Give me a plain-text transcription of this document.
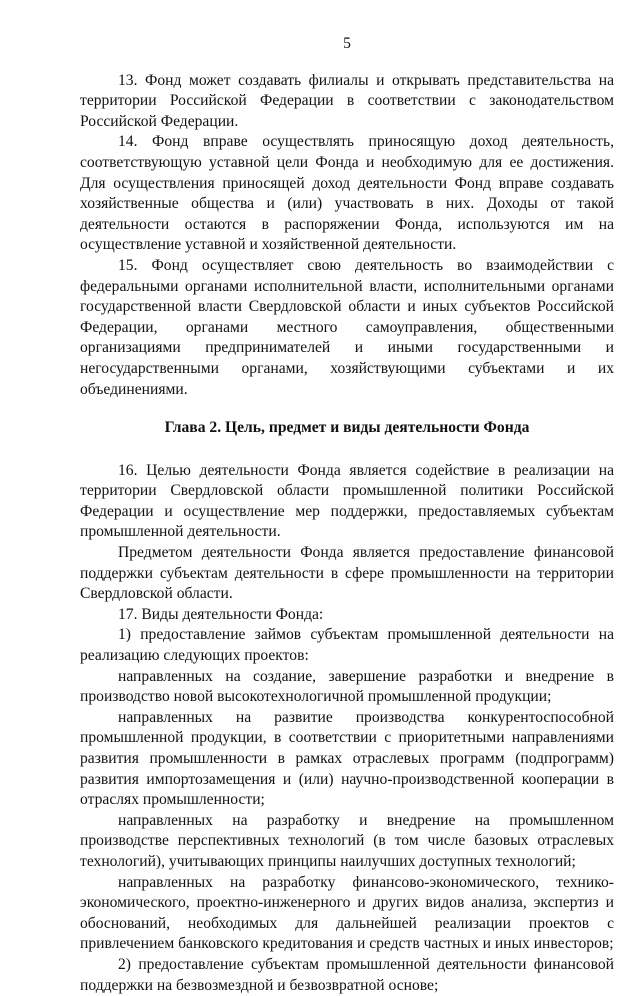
5

13. Фонд может создавать филиалы и открывать представительства на территории Российской Федерации в соответствии с законодательством Российской Федерации.

14. Фонд вправе осуществлять приносящую доход деятельность, соответствующую уставной цели Фонда и необходимую для ее достижения. Для осуществления приносящей доход деятельности Фонд вправе создавать хозяйственные общества и (или) участвовать в них. Доходы от такой деятельности остаются в распоряжении Фонда, используются им на осуществление уставной и хозяйственной деятельности.

15. Фонд осуществляет свою деятельность во взаимодействии с федеральными органами исполнительной власти, исполнительными органами государственной власти Свердловской области и иных субъектов Российской Федерации, органами местного самоуправления, общественными организациями предпринимателей и иными государственными и негосударственными органами, хозяйствующими субъектами и их объединениями.

Глава 2. Цель, предмет и виды деятельности Фонда

16. Целью деятельности Фонда является содействие в реализации на территории Свердловской области промышленной политики Российской Федерации и осуществление мер поддержки, предоставляемых субъектам промышленной деятельности.

Предметом деятельности Фонда является предоставление финансовой поддержки субъектам деятельности в сфере промышленности на территории Свердловской области.

17. Виды деятельности Фонда:

1) предоставление займов субъектам промышленной деятельности на реализацию следующих проектов:

направленных на создание, завершение разработки и внедрение в производство новой высокотехнологичной промышленной продукции;

направленных на развитие производства конкурентоспособной промышленной продукции, в соответствии с приоритетными направлениями развития промышленности в рамках отраслевых программ (подпрограмм) развития импортозамещения и (или) научно-производственной кооперации в отраслях промышленности;

направленных на разработку и внедрение на промышленном производстве перспективных технологий (в том числе базовых отраслевых технологий), учитывающих принципы наилучших доступных технологий;

направленных на разработку финансово-экономического, технико-экономического, проектно-инженерного и других видов анализа, экспертиз и обоснований, необходимых для дальнейшей реализации проектов с привлечением банковского кредитования и средств частных и иных инвесторов;

2) предоставление субъектам промышленной деятельности финансовой поддержки на безвозмездной и безвозвратной основе;
